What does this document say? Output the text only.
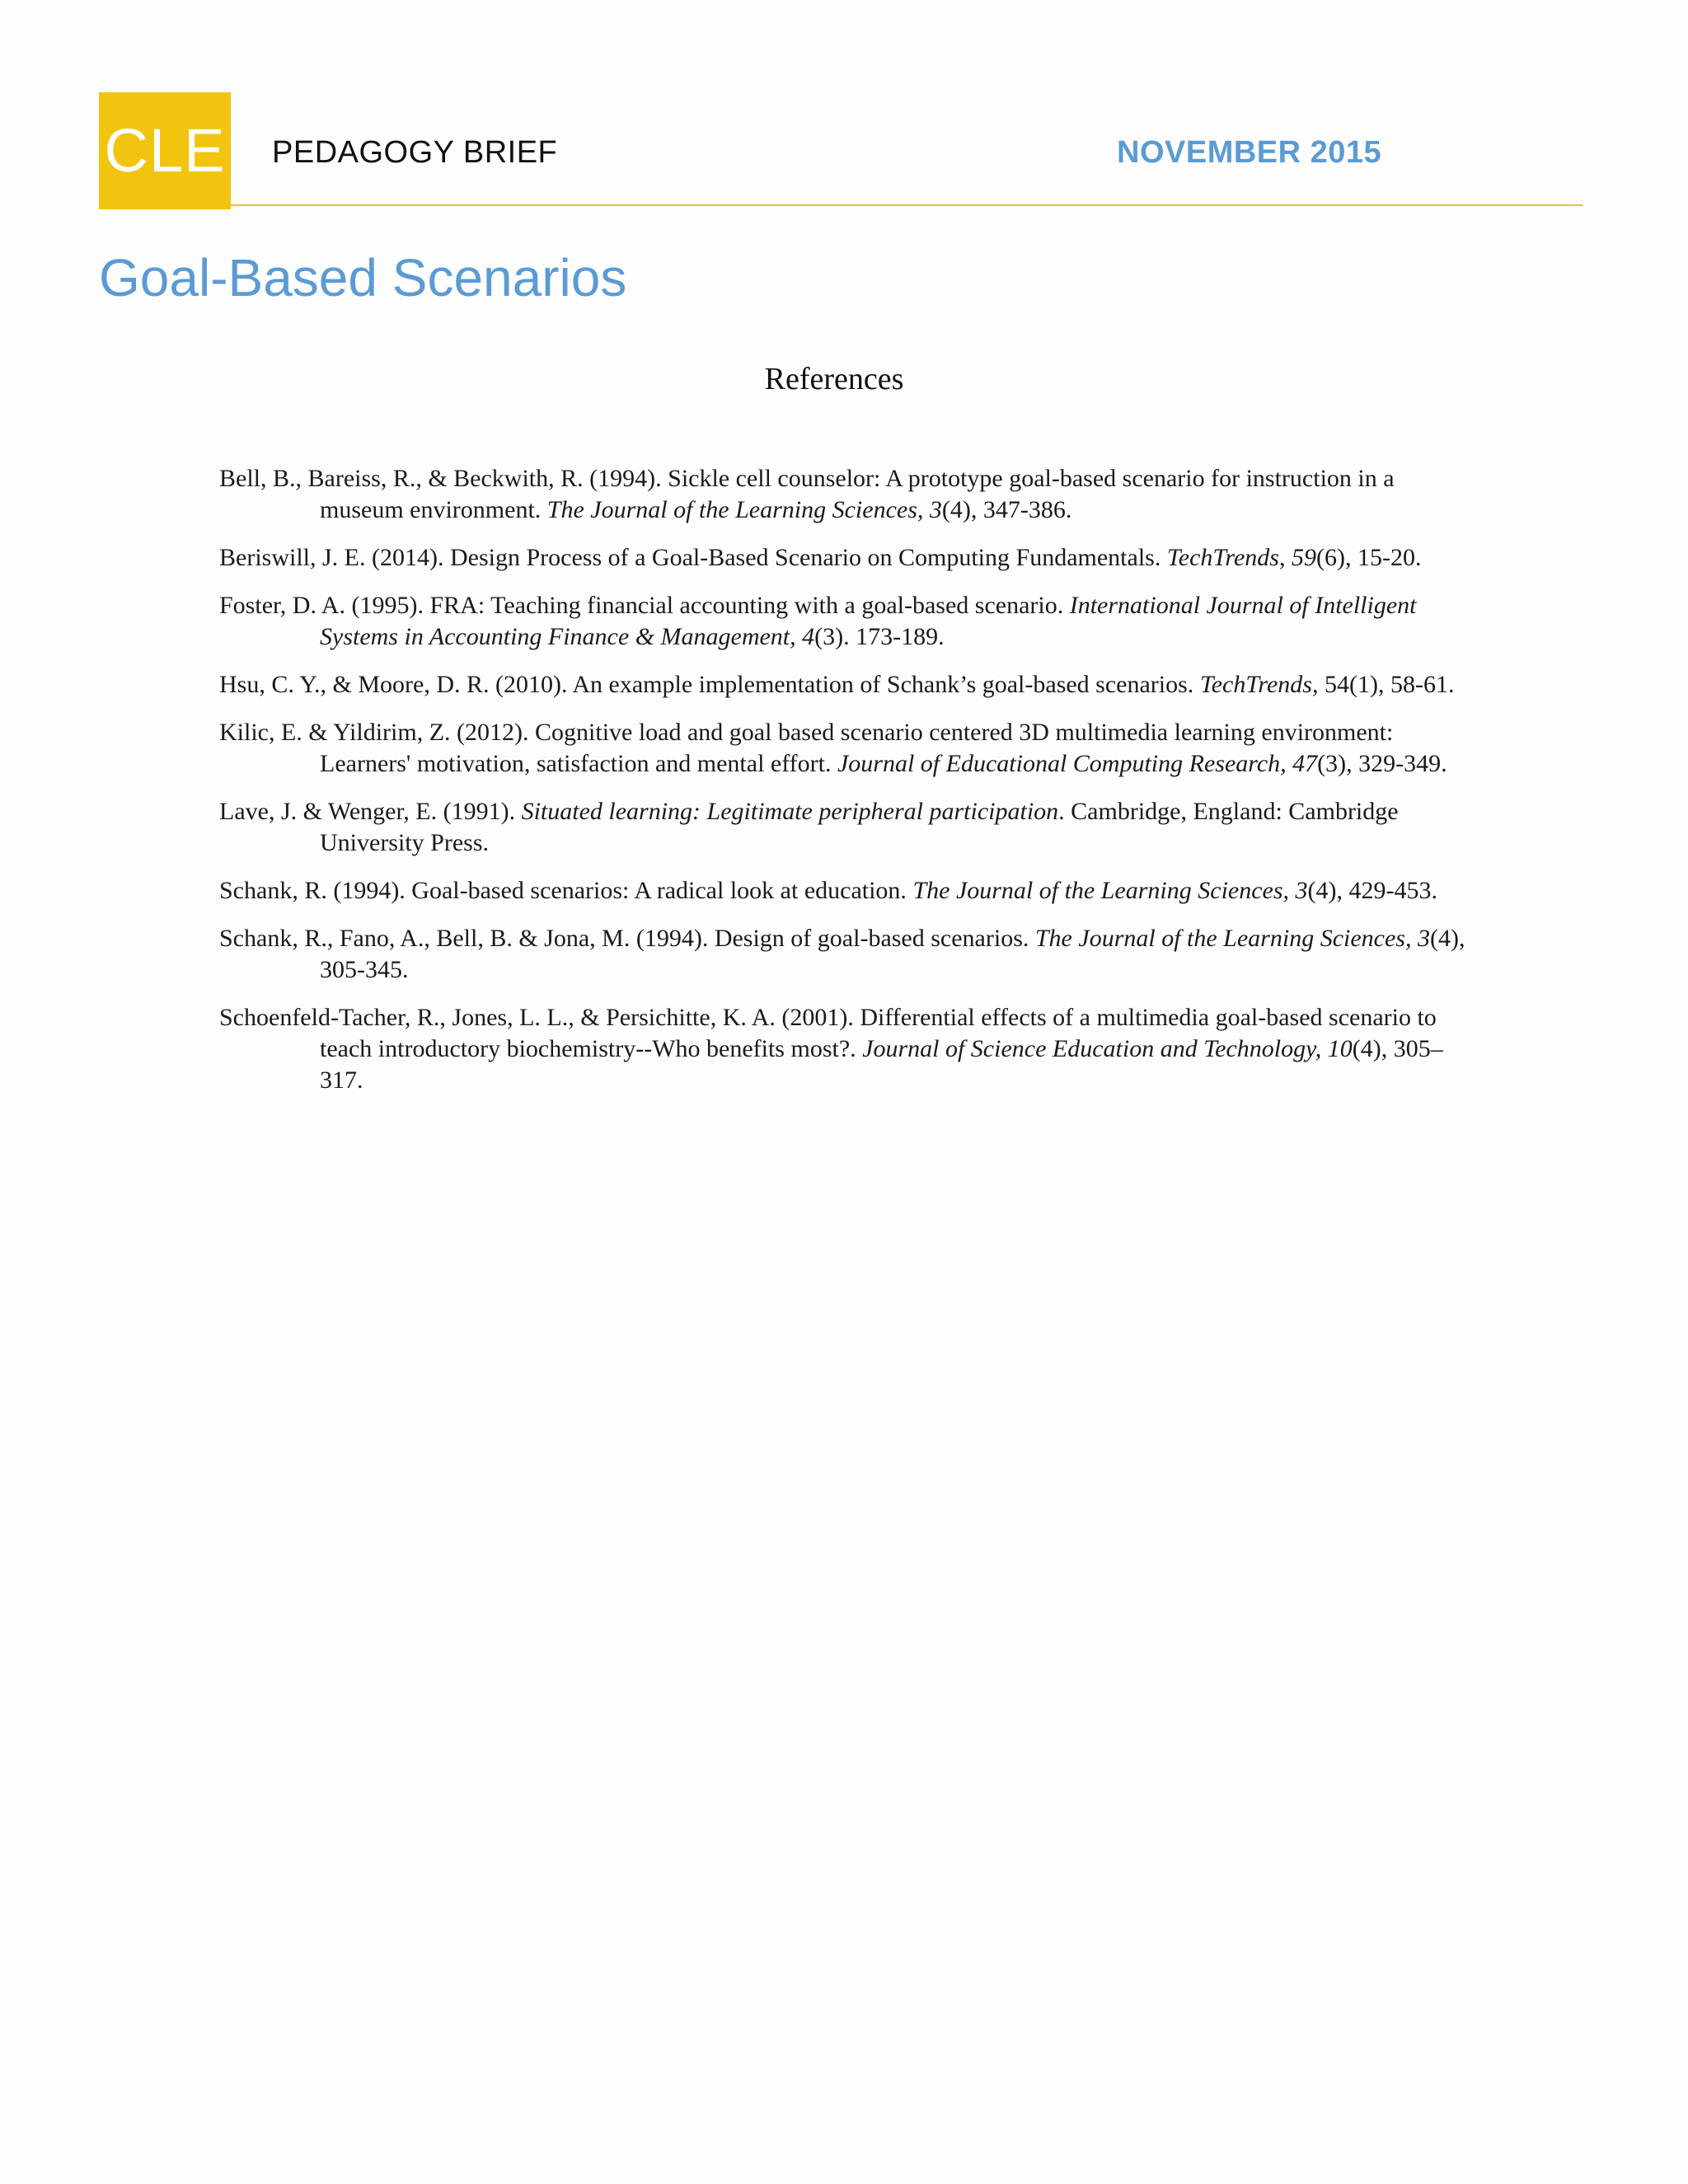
CLE PEDAGOGY BRIEF	NOVEMBER 2015
Goal-Based Scenarios
References
Bell, B., Bareiss, R., & Beckwith, R. (1994). Sickle cell counselor: A prototype goal-based scenario for instruction in a museum environment. The Journal of the Learning Sciences, 3(4), 347-386.
Beriswill, J. E. (2014). Design Process of a Goal-Based Scenario on Computing Fundamentals. TechTrends, 59(6), 15-20.
Foster, D. A. (1995). FRA: Teaching financial accounting with a goal-based scenario. International Journal of Intelligent Systems in Accounting Finance & Management, 4(3). 173-189.
Hsu, C. Y., & Moore, D. R. (2010). An example implementation of Schank’s goal-based scenarios. TechTrends, 54(1), 58-61.
Kilic, E. & Yildirim, Z. (2012). Cognitive load and goal based scenario centered 3D multimedia learning environment: Learners' motivation, satisfaction and mental effort. Journal of Educational Computing Research, 47(3), 329-349.
Lave, J. & Wenger, E. (1991). Situated learning: Legitimate peripheral participation. Cambridge, England: Cambridge University Press.
Schank, R. (1994). Goal-based scenarios: A radical look at education. The Journal of the Learning Sciences, 3(4), 429-453.
Schank, R., Fano, A., Bell, B. & Jona, M. (1994). Design of goal-based scenarios. The Journal of the Learning Sciences, 3(4), 305-345.
Schoenfeld-Tacher, R., Jones, L. L., & Persichitte, K. A. (2001). Differential effects of a multimedia goal-based scenario to teach introductory biochemistry--Who benefits most?. Journal of Science Education and Technology, 10(4), 305–317.
